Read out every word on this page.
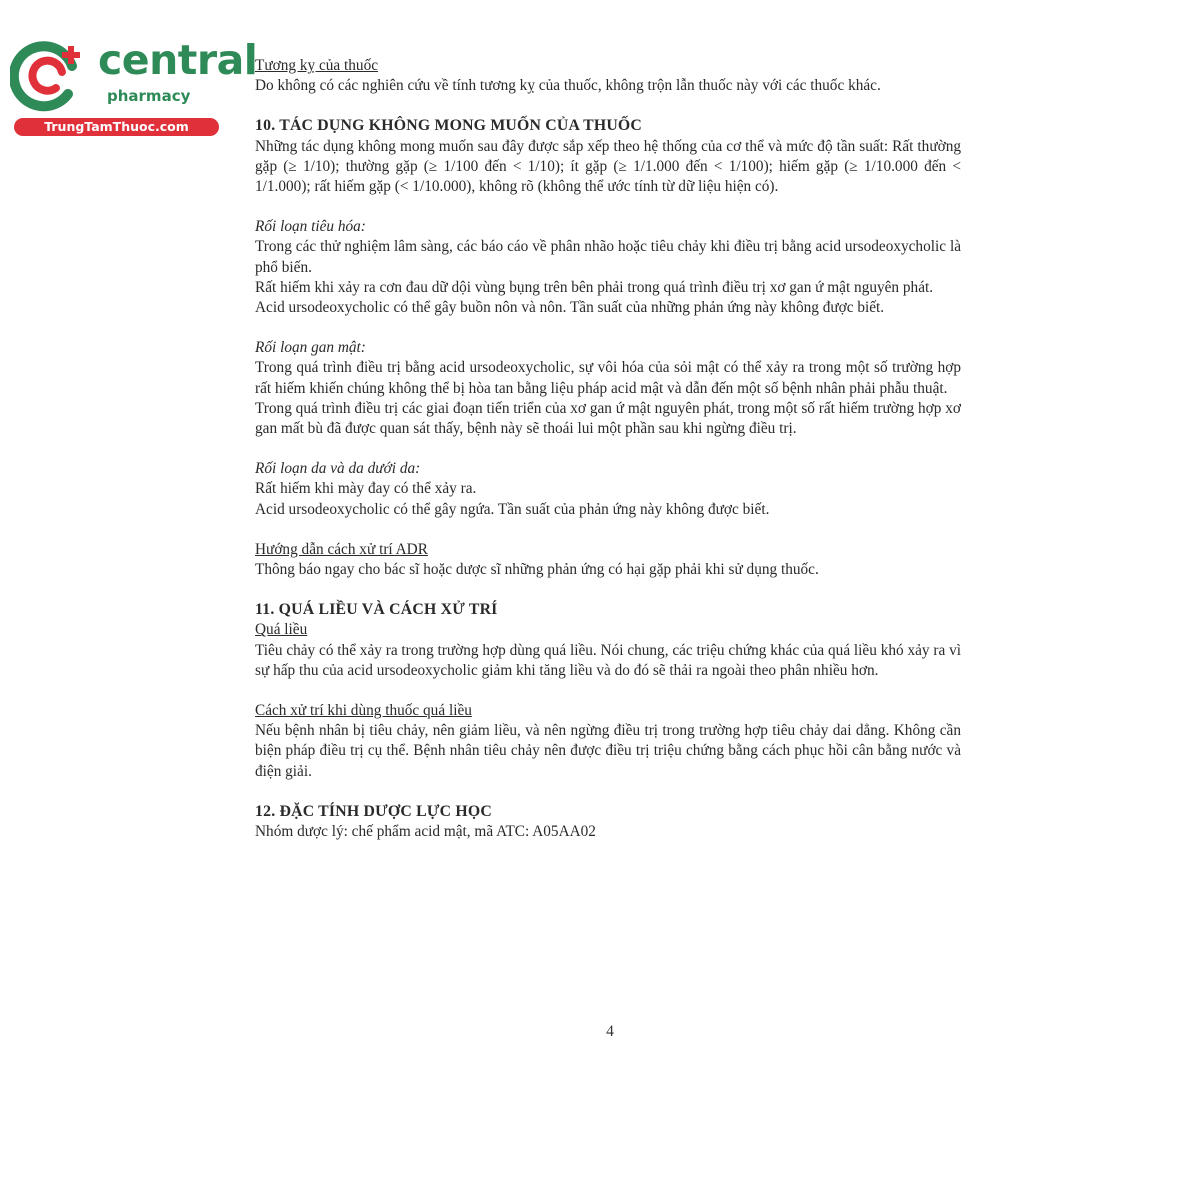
central
pharmacy
TrungTamThuoc.com

Tương kỵ của thuốc

Do không có các nghiên cứu về tính tương kỵ của thuốc, không trộn lẫn thuốc này với các thuốc khác.

10. TÁC DỤNG KHÔNG MONG MUỐN CỦA THUỐC

Những tác dụng không mong muốn sau đây được sắp xếp theo hệ thống của cơ thể và mức độ tần suất: Rất thường gặp (≥ 1/10); thường gặp (≥ 1/100 đến < 1/10); ít gặp (≥ 1/1.000 đến < 1/100); hiếm gặp (≥ 1/10.000 đến < 1/1.000); rất hiếm gặp (< 1/10.000), không rõ (không thể ước tính từ dữ liệu hiện có).

Rối loạn tiêu hóa:

Trong các thử nghiệm lâm sàng, các báo cáo về phân nhão hoặc tiêu chảy khi điều trị bằng acid ursodeoxycholic là phổ biến.

Rất hiếm khi xảy ra cơn đau dữ dội vùng bụng trên bên phải trong quá trình điều trị xơ gan ứ mật nguyên phát.

Acid ursodeoxycholic có thể gây buồn nôn và nôn. Tần suất của những phản ứng này không được biết.

Rối loạn gan mật:

Trong quá trình điều trị bằng acid ursodeoxycholic, sự vôi hóa của sỏi mật có thể xảy ra trong một số trường hợp rất hiếm khiến chúng không thể bị hòa tan bằng liệu pháp acid mật và dẫn đến một số bệnh nhân phải phẫu thuật.

Trong quá trình điều trị các giai đoạn tiến triển của xơ gan ứ mật nguyên phát, trong một số rất hiếm trường hợp xơ gan mất bù đã được quan sát thấy, bệnh này sẽ thoái lui một phần sau khi ngừng điều trị.

Rối loạn da và da dưới da:

Rất hiếm khi mày đay có thể xảy ra.

Acid ursodeoxycholic có thể gây ngứa. Tần suất của phản ứng này không được biết.

Hướng dẫn cách xử trí ADR

Thông báo ngay cho bác sĩ hoặc dược sĩ những phản ứng có hại gặp phải khi sử dụng thuốc.

11. QUÁ LIỀU VÀ CÁCH XỬ TRÍ

Quá liều

Tiêu chảy có thể xảy ra trong trường hợp dùng quá liều. Nói chung, các triệu chứng khác của quá liều khó xảy ra vì sự hấp thu của acid ursodeoxycholic giảm khi tăng liều và do đó sẽ thải ra ngoài theo phân nhiều hơn.

Cách xử trí khi dùng thuốc quá liều

Nếu bệnh nhân bị tiêu chảy, nên giảm liều, và nên ngừng điều trị trong trường hợp tiêu chảy dai dẳng. Không cần biện pháp điều trị cụ thể. Bệnh nhân tiêu chảy nên được điều trị triệu chứng bằng cách phục hồi cân bằng nước và điện giải.

12. ĐẶC TÍNH DƯỢC LỰC HỌC

Nhóm dược lý: chế phẩm acid mật, mã ATC: A05AA02

4
